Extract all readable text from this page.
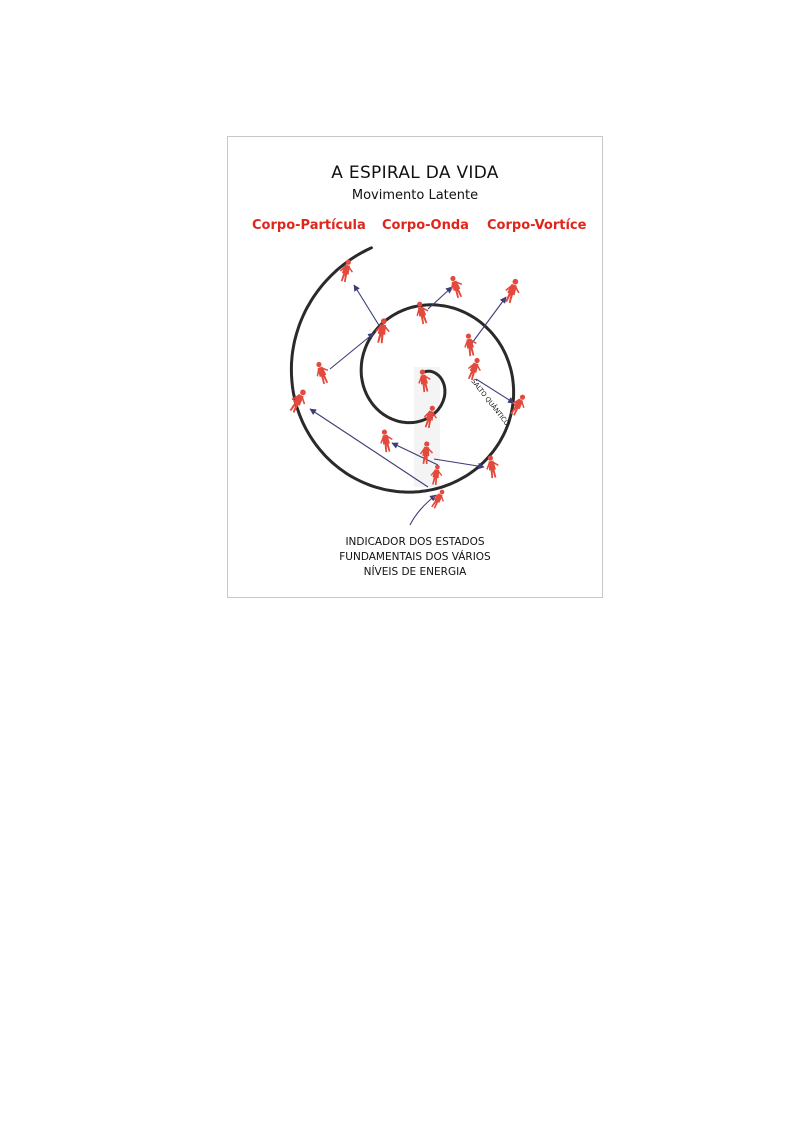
A ESPIRAL DA VIDA
Movimento Latente
Corpo-Partícula Corpo-Onda Corpo-Vortíce
SALTO QUÂNTICO
INDICADOR DOS ESTADOS
FUNDAMENTAIS DOS VÁRIOS
NÍVEIS DE ENERGIA
